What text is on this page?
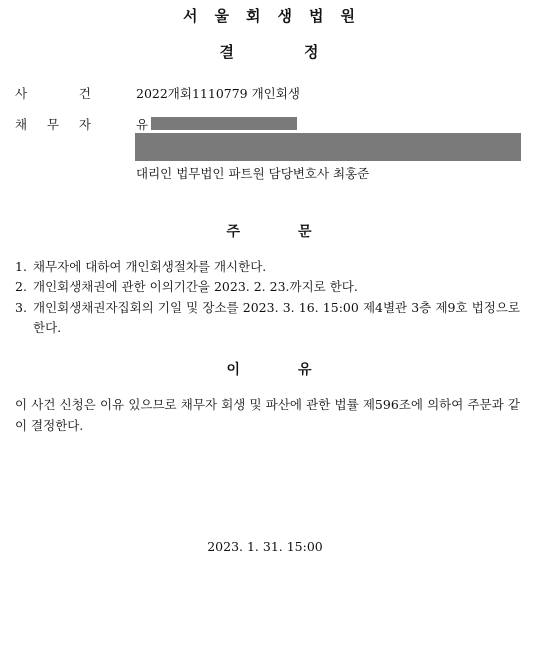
서울회생법원
결정
사	건	2022개회1110779 개인회생
채 무 자	유
대리인 법무법인 파트원 담당변호사 최홍준
주문
1. 채무자에 대하여 개인회생절차를 개시한다.
2. 개인회생채권에 관한 이의기간을 2023. 2. 23.까지로 한다.
3. 개인회생채권자집회의 기일 및 장소를 2023. 3. 16. 15:00 제4별관 3층 제9호 법정으로 한다.
이유
이 사건 신청은 이유 있으므로 채무자 회생 및 파산에 관한 법률 제596조에 의하여 주문과 같이 결정한다.
2023. 1. 31. 15:00
